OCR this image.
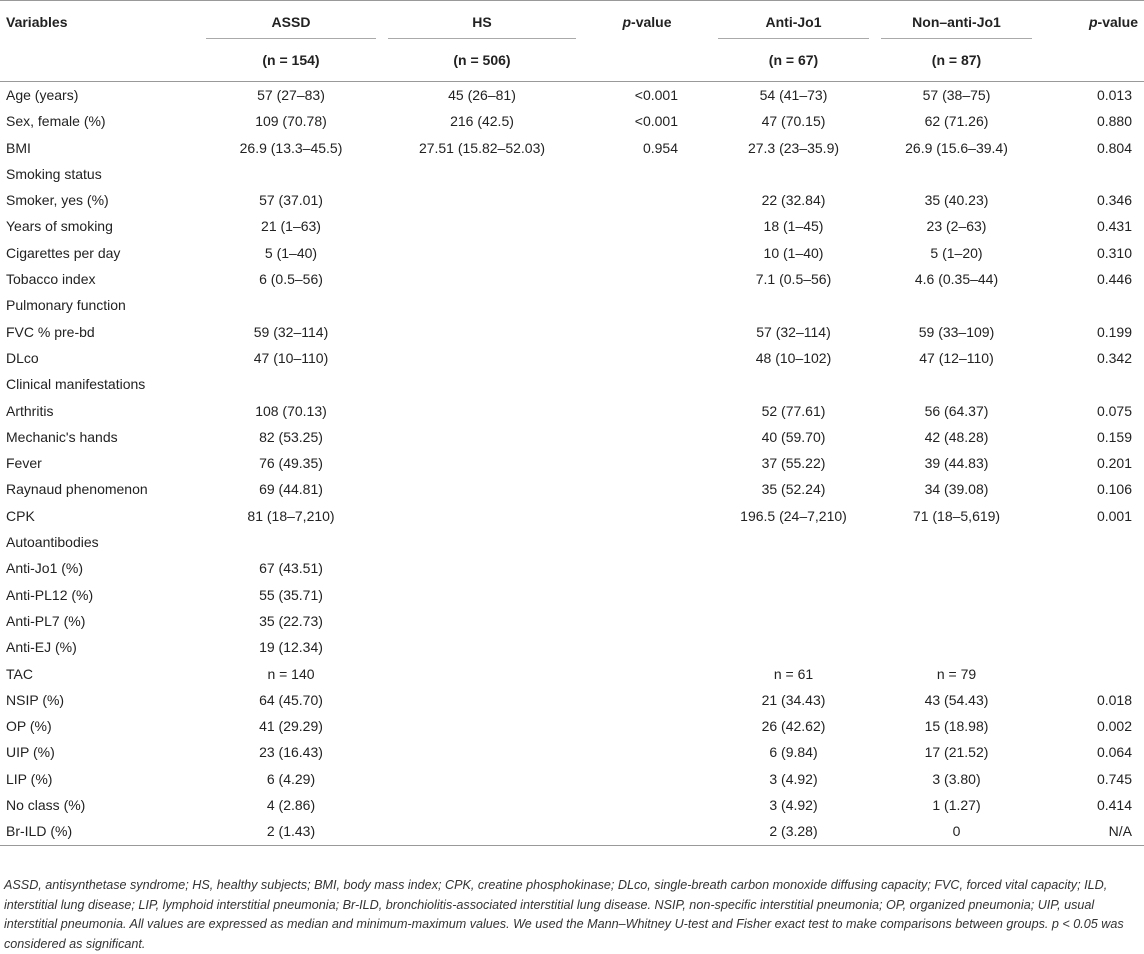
Variables	ASSD	HS	p-value	Anti-Jo1	Non–anti-Jo1	p-value
	(n = 154)	(n = 506)		(n = 67)	(n = 87)	
Age (years)	57 (27–83)	45 (26–81)	<0.001	54 (41–73)	57 (38–75)	0.013
Sex, female (%)	109 (70.78)	216 (42.5)	<0.001	47 (70.15)	62 (71.26)	0.880
BMI	26.9 (13.3–45.5)	27.51 (15.82–52.03)	0.954	27.3 (23–35.9)	26.9 (15.6–39.4)	0.804
Smoking status						
Smoker, yes (%)	57 (37.01)			22 (32.84)	35 (40.23)	0.346
Years of smoking	21 (1–63)			18 (1–45)	23 (2–63)	0.431
Cigarettes per day	5 (1–40)			10 (1–40)	5 (1–20)	0.310
Tobacco index	6 (0.5–56)			7.1 (0.5–56)	4.6 (0.35–44)	0.446
Pulmonary function						
FVC % pre-bd	59 (32–114)			57 (32–114)	59 (33–109)	0.199
DLco	47 (10–110)			48 (10–102)	47 (12–110)	0.342
Clinical manifestations						
Arthritis	108 (70.13)			52 (77.61)	56 (64.37)	0.075
Mechanic's hands	82 (53.25)			40 (59.70)	42 (48.28)	0.159
Fever	76 (49.35)			37 (55.22)	39 (44.83)	0.201
Raynaud phenomenon	69 (44.81)			35 (52.24)	34 (39.08)	0.106
CPK	81 (18–7,210)			196.5 (24–7,210)	71 (18–5,619)	0.001
Autoantibodies						
Anti-Jo1 (%)	67 (43.51)					
Anti-PL12 (%)	55 (35.71)					
Anti-PL7 (%)	35 (22.73)					
Anti-EJ (%)	19 (12.34)					
TAC	n = 140			n = 61	n = 79	
NSIP (%)	64 (45.70)			21 (34.43)	43 (54.43)	0.018
OP (%)	41 (29.29)			26 (42.62)	15 (18.98)	0.002
UIP (%)	23 (16.43)			6 (9.84)	17 (21.52)	0.064
LIP (%)	6 (4.29)			3 (4.92)	3 (3.80)	0.745
No class (%)	4 (2.86)			3 (4.92)	1 (1.27)	0.414
Br-ILD (%)	2 (1.43)			2 (3.28)	0	N/A
ASSD, antisynthetase syndrome; HS, healthy subjects; BMI, body mass index; CPK, creatine phosphokinase; DLco, single-breath carbon monoxide diffusing capacity; FVC, forced vital capacity; ILD, interstitial lung disease; LIP, lymphoid interstitial pneumonia; Br-ILD, bronchiolitis-associated interstitial lung disease. NSIP, non-specific interstitial pneumonia; OP, organized pneumonia; UIP, usual interstitial pneumonia. All values are expressed as median and minimum-maximum values. We used the Mann–Whitney U-test and Fisher exact test to make comparisons between groups. p < 0.05 was considered as significant.
